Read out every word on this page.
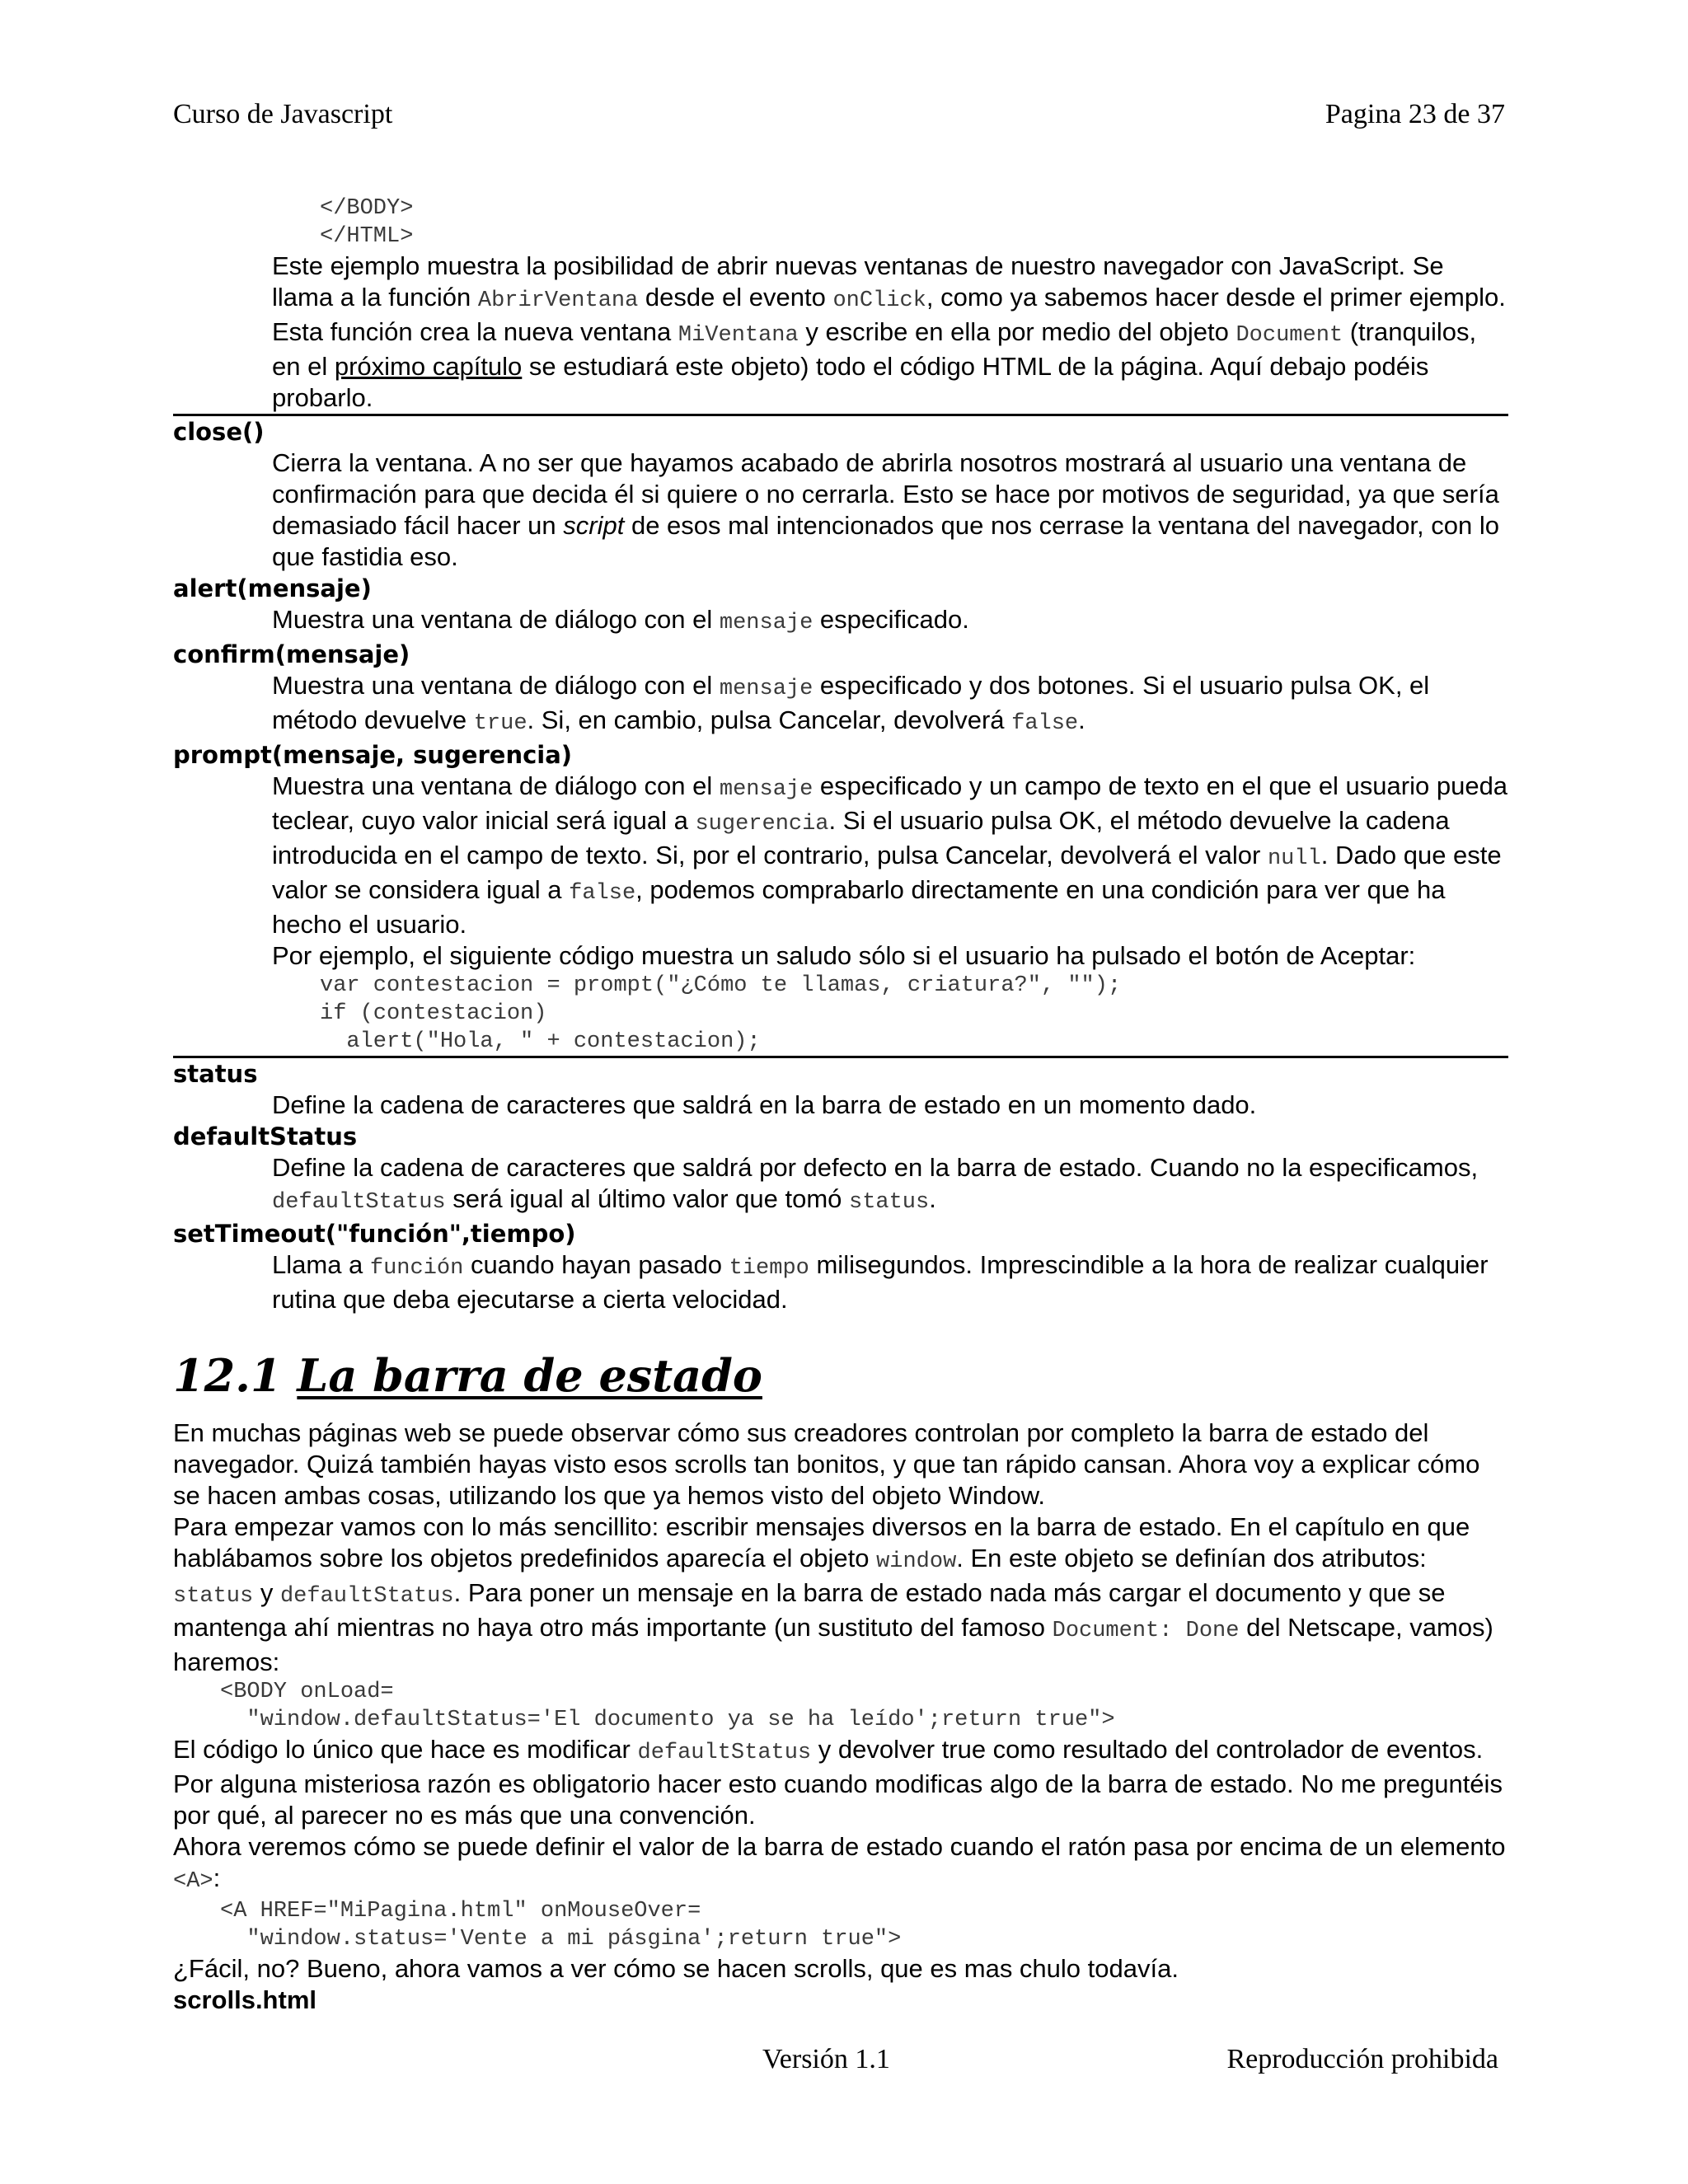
Curso de Javascript	Pagina 23 de 37
</BODY>
</HTML>
Este ejemplo muestra la posibilidad de abrir nuevas ventanas de nuestro navegador con JavaScript. Se llama a la función AbrirVentana desde el evento onClick, como ya sabemos hacer desde el primer ejemplo. Esta función crea la nueva ventana MiVentana y escribe en ella por medio del objeto Document (tranquilos, en el próximo capítulo se estudiará este objeto) todo el código HTML de la página. Aquí debajo podéis probarlo.
close()
Cierra la ventana. A no ser que hayamos acabado de abrirla nosotros mostrará al usuario una ventana de confirmación para que decida él si quiere o no cerrarla. Esto se hace por motivos de seguridad, ya que sería demasiado fácil hacer un script de esos mal intencionados que nos cerrase la ventana del navegador, con lo que fastidia eso.
alert(mensaje)
Muestra una ventana de diálogo con el mensaje especificado.
confirm(mensaje)
Muestra una ventana de diálogo con el mensaje especificado y dos botones. Si el usuario pulsa OK, el método devuelve true. Si, en cambio, pulsa Cancelar, devolverá false.
prompt(mensaje, sugerencia)
Muestra una ventana de diálogo con el mensaje especificado y un campo de texto en el que el usuario pueda teclear, cuyo valor inicial será igual a sugerencia. Si el usuario pulsa OK, el método devuelve la cadena introducida en el campo de texto. Si, por el contrario, pulsa Cancelar, devolverá el valor null. Dado que este valor se considera igual a false, podemos comprabarlo directamente en una condición para ver que ha hecho el usuario.
Por ejemplo, el siguiente código muestra un saludo sólo si el usuario ha pulsado el botón de Aceptar:
var contestacion = prompt("¿Cómo te llamas, criatura?", "");
if (contestacion)
alert("Hola, " + contestacion);
status
Define la cadena de caracteres que saldrá en la barra de estado en un momento dado.
defaultStatus
Define la cadena de caracteres que saldrá por defecto en la barra de estado. Cuando no la especificamos, defaultStatus será igual al último valor que tomó status.
setTimeout("función",tiempo)
Llama a función cuando hayan pasado tiempo milisegundos. Imprescindible a la hora de realizar cualquier rutina que deba ejecutarse a cierta velocidad.
12.1 La barra de estado
En muchas páginas web se puede observar cómo sus creadores controlan por completo la barra de estado del navegador. Quizá también hayas visto esos scrolls tan bonitos, y que tan rápido cansan. Ahora voy a explicar cómo se hacen ambas cosas, utilizando los que ya hemos visto del objeto Window.
Para empezar vamos con lo más sencillito: escribir mensajes diversos en la barra de estado. En el capítulo en que hablábamos sobre los objetos predefinidos aparecía el objeto window. En este objeto se definían dos atributos: status y defaultStatus. Para poner un mensaje en la barra de estado nada más cargar el documento y que se mantenga ahí mientras no haya otro más importante (un sustituto del famoso Document: Done del Netscape, vamos) haremos:
<BODY onLoad=
"window.defaultStatus='El documento ya se ha leído';return true">
El código lo único que hace es modificar defaultStatus y devolver true como resultado del controlador de eventos. Por alguna misteriosa razón es obligatorio hacer esto cuando modificas algo de la barra de estado. No me preguntéis por qué, al parecer no es más que una convención.
Ahora veremos cómo se puede definir el valor de la barra de estado cuando el ratón pasa por encima de un elemento <A>:
<A HREF="MiPagina.html" onMouseOver=
"window.status='Vente a mi pásgina';return true">
¿Fácil, no? Bueno, ahora vamos a ver cómo se hacen scrolls, que es mas chulo todavía.
scrolls.html
Versión 1.1	Reproducción prohibida
